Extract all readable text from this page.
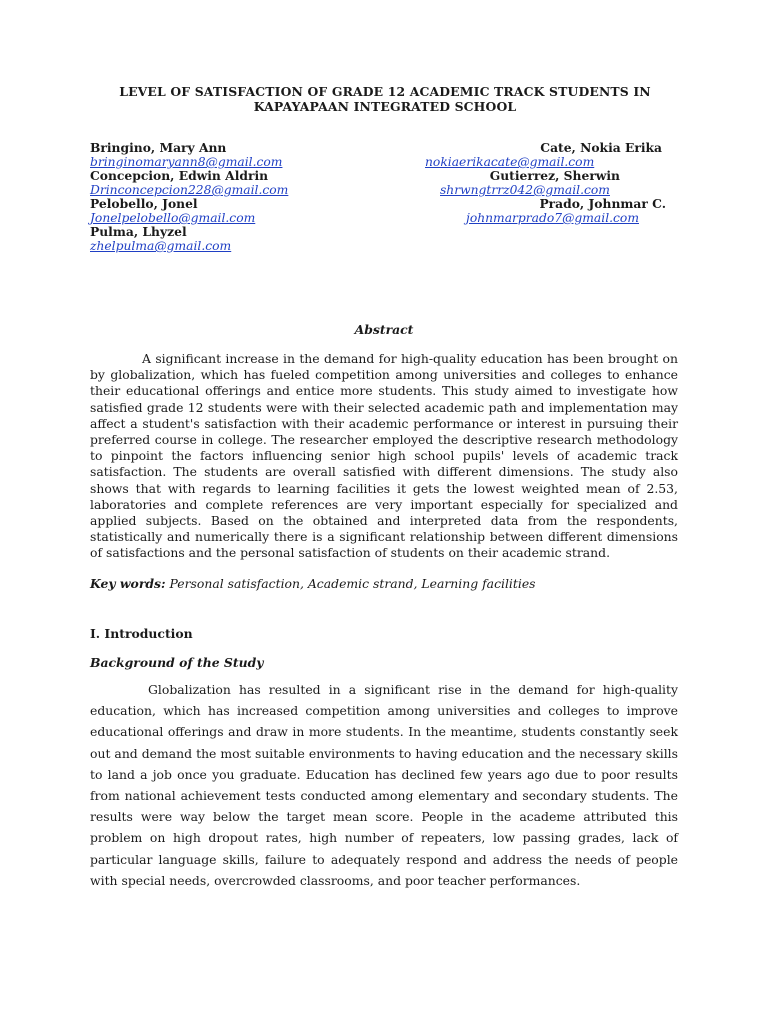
LEVEL OF SATISFACTION OF GRADE 12 ACADEMIC TRACK STUDENTS IN
KAPAYAPAAN INTEGRATED SCHOOL
Bringino, Mary Ann
bringinomaryann8@gmail.com
Concepcion, Edwin Aldrin
Drinconcepcion228@gmail.com
Pelobello, Jonel
Jonelpelobello@gmail.com
Pulma, Lhyzel
zhelpulma@gmail.com
Cate, Nokia Erika
nokiaerikacate@gmail.com
Gutierrez, Sherwin
shrwngtrrz042@gmail.com
Prado, Johnmar C.
johnmarprado7@gmail.com
Abstract

A significant increase in the demand for high-quality education has been brought on by globalization, which has fueled competition among universities and colleges to enhance their educational offerings and entice more students. This study aimed to investigate how satisfied grade 12 students were with their selected academic path and implementation may affect a student's satisfaction with their academic performance or interest in pursuing their preferred course in college. The researcher employed the descriptive research methodology to pinpoint the factors influencing senior high school pupils' levels of academic track satisfaction. The students are overall satisfied with different dimensions. The study also shows that with regards to learning facilities it gets the lowest weighted mean of 2.53, laboratories and complete references are very important especially for specialized and applied subjects. Based on the obtained and interpreted data from the respondents, statistically and numerically there is a significant relationship between different dimensions of satisfactions and the personal satisfaction of students on their academic strand.

Key words: Personal satisfaction, Academic strand, Learning facilities
I. Introduction
Background of the Study

Globalization has resulted in a significant rise in the demand for high-quality education, which has increased competition among universities and colleges to improve educational offerings and draw in more students. In the meantime, students constantly seek out and demand the most suitable environments to having education and the necessary skills to land a job once you graduate. Education has declined few years ago due to poor results from national achievement tests conducted among elementary and secondary students. The results were way below the target mean score. People in the academe attributed this problem on high dropout rates, high number of repeaters, low passing grades, lack of particular language skills, failure to adequately respond and address the needs of people with special needs, overcrowded classrooms, and poor teacher performances.
